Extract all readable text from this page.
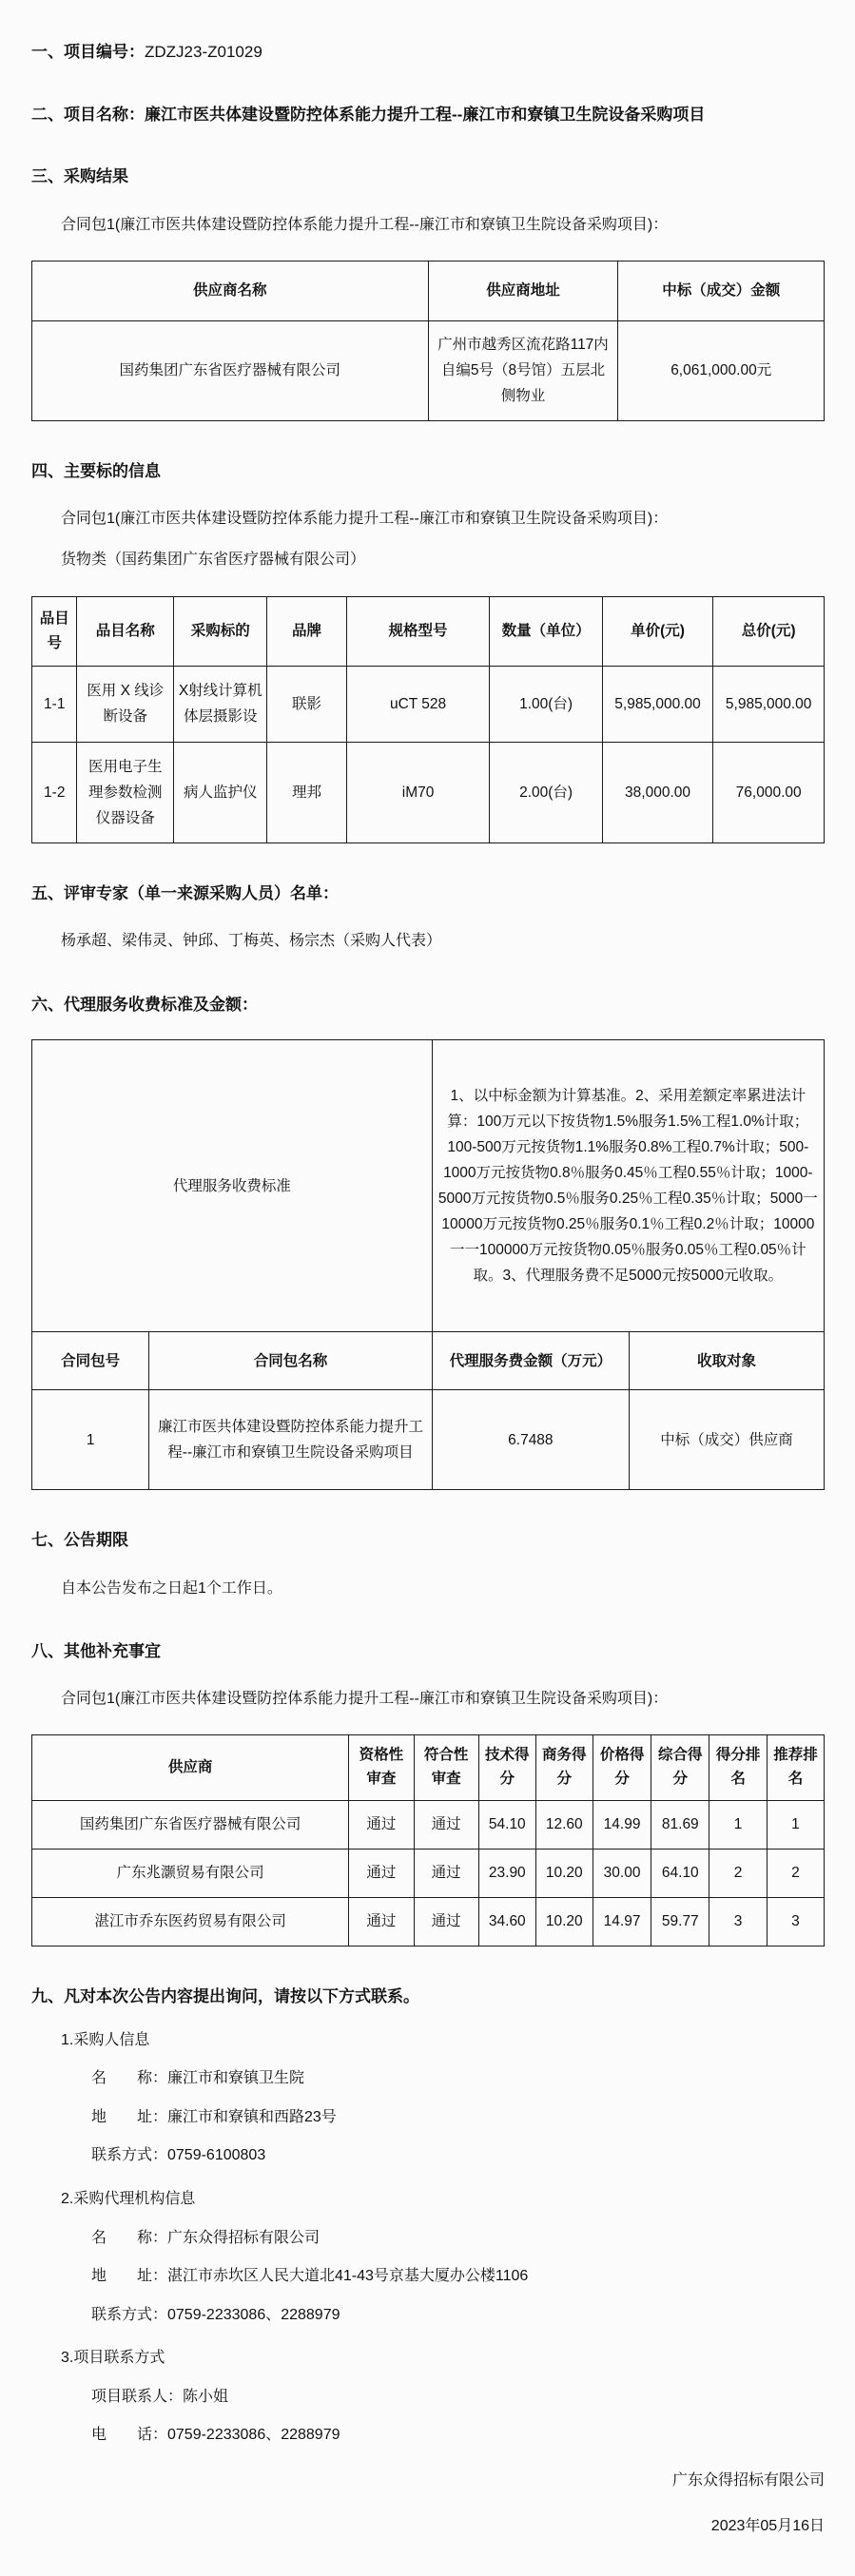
一、项目编号：ZDZJ23-Z01029
二、项目名称：廉江市医共体建设暨防控体系能力提升工程--廉江市和寮镇卫生院设备采购项目
三、采购结果
合同包1(廉江市医共体建设暨防控体系能力提升工程--廉江市和寮镇卫生院设备采购项目)：
供应商名称	供应商地址	中标（成交）金额
国药集团广东省医疗器械有限公司	广州市越秀区流花路117内自编5号（8号馆）五层北侧物业	6,061,000.00元
四、主要标的信息
合同包1(廉江市医共体建设暨防控体系能力提升工程--廉江市和寮镇卫生院设备采购项目)：
货物类（国药集团广东省医疗器械有限公司）
品目号	品目名称	采购标的	品牌	规格型号	数量（单位）	单价(元)	总价(元)
1-1	医用 X 线诊断设备	X射线计算机体层摄影设	联影	uCT 528	1.00(台)	5,985,000.00	5,985,000.00
1-2	医用电子生理参数检测仪器设备	病人监护仪	理邦	iM70	2.00(台)	38,000.00	76,000.00
五、评审专家（单一来源采购人员）名单：
杨承超、梁伟灵、钟邱、丁梅英、杨宗杰（采购人代表）
六、代理服务收费标准及金额：
代理服务收费标准		1、以中标金额为计算基准。2、采用差额定率累进法计算：100万元以下按货物1.5%服务1.5%工程1.0%计取；100-500万元按货物1.1%服务0.8%工程0.7%计取；500-1000万元按货物0.8％服务0.45％工程0.55％计取；1000-5000万元按货物0.5％服务0.25％工程0.35％计取；5000一10000万元按货物0.25％服务0.1％工程0.2％计取；10000一一100000万元按货物0.05％服务0.05％工程0.05％计取。3、代理服务费不足5000元按5000元收取。	
合同包号	合同包名称	代理服务费金额（万元）	收取对象
1	廉江市医共体建设暨防控体系能力提升工程--廉江市和寮镇卫生院设备采购项目	6.7488	中标（成交）供应商
七、公告期限
自本公告发布之日起1个工作日。
八、其他补充事宜
合同包1(廉江市医共体建设暨防控体系能力提升工程--廉江市和寮镇卫生院设备采购项目)：
供应商	资格性审查	符合性审查	技术得分	商务得分	价格得分	综合得分	得分排名	推荐排名
国药集团广东省医疗器械有限公司	通过	通过	54.10	12.60	14.99	81.69	1	1
广东兆灏贸易有限公司	通过	通过	23.90	10.20	30.00	64.10	2	2
湛江市乔东医药贸易有限公司	通过	通过	34.60	10.20	14.97	59.77	3	3
九、凡对本次公告内容提出询问，请按以下方式联系。
1.采购人信息
名　　称：廉江市和寮镇卫生院
地　　址：廉江市和寮镇和西路23号
联系方式：0759-6100803
2.采购代理机构信息
名　　称：广东众得招标有限公司
地　　址：湛江市赤坎区人民大道北41-43号京基大厦办公楼1106
联系方式：0759-2233086、2288979
3.项目联系方式
项目联系人：陈小姐
电　　话：0759-2233086、2288979
广东众得招标有限公司
2023年05月16日
